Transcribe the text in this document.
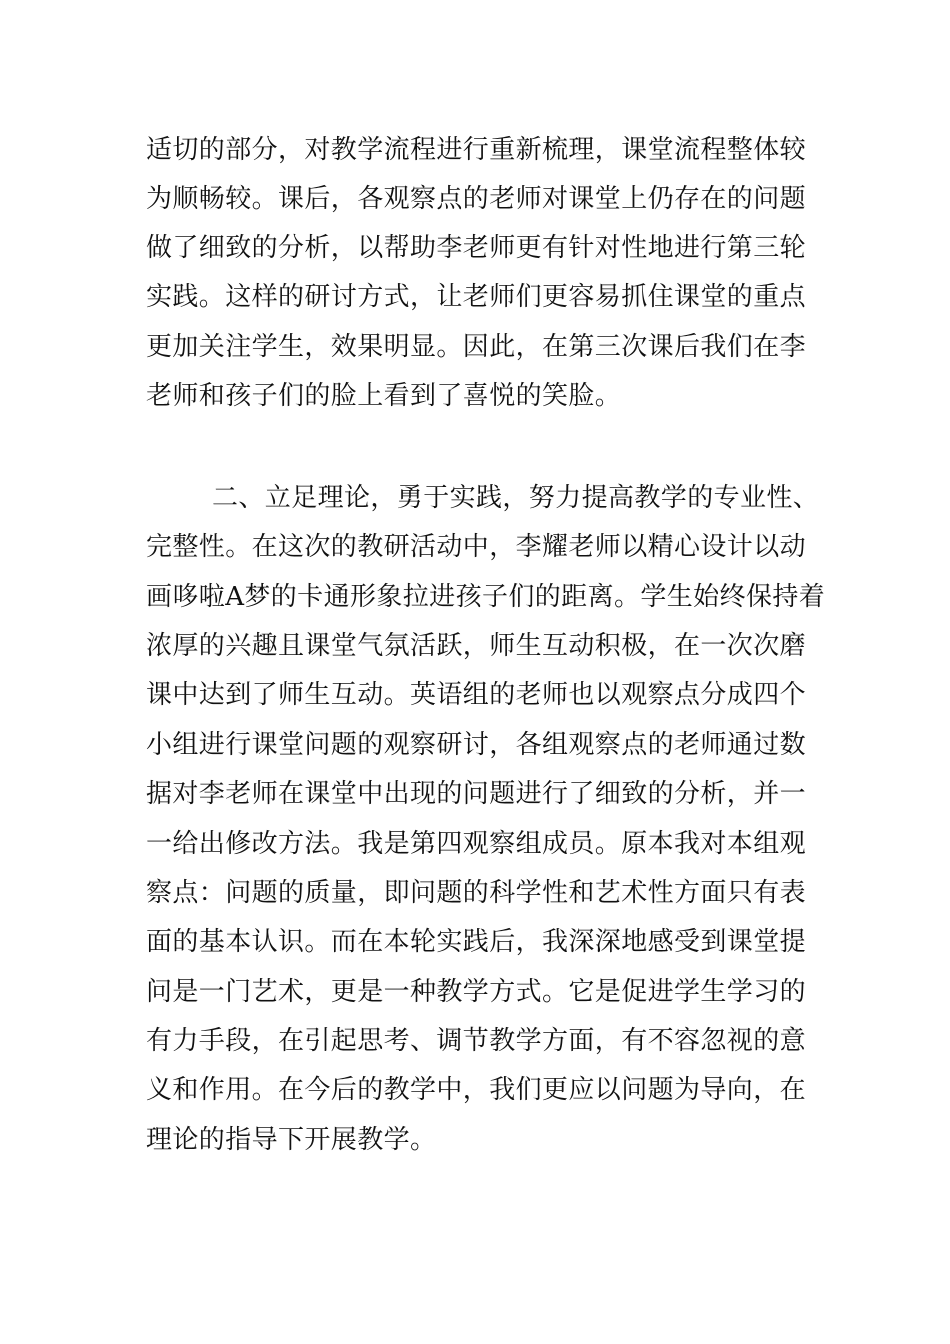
适切的部分，对教学流程进行重新梳理，课堂流程整体较
为顺畅较。课后，各观察点的老师对课堂上仍存在的问题
做了细致的分析，以帮助李老师更有针对性地进行第三轮
实践。这样的研讨方式，让老师们更容易抓住课堂的重点
更加关注学生，效果明显。因此，在第三次课后我们在李
老师和孩子们的脸上看到了喜悦的笑脸。
二、立足理论，勇于实践，努力提高教学的专业性、
完整性。在这次的教研活动中，李耀老师以精心设计以动
画哆啦A梦的卡通形象拉进孩子们的距离。学生始终保持着
浓厚的兴趣且课堂气氛活跃，师生互动积极，在一次次磨
课中达到了师生互动。英语组的老师也以观察点分成四个
小组进行课堂问题的观察研讨，各组观察点的老师通过数
据对李老师在课堂中出现的问题进行了细致的分析，并一
一给出修改方法。我是第四观察组成员。原本我对本组观
察点：问题的质量，即问题的科学性和艺术性方面只有表
面的基本认识。而在本轮实践后，我深深地感受到课堂提
问是一门艺术，更是一种教学方式。它是促进学生学习的
有力手段，在引起思考、调节教学方面，有不容忽视的意
义和作用。在今后的教学中，我们更应以问题为导向，在
理论的指导下开展教学。
